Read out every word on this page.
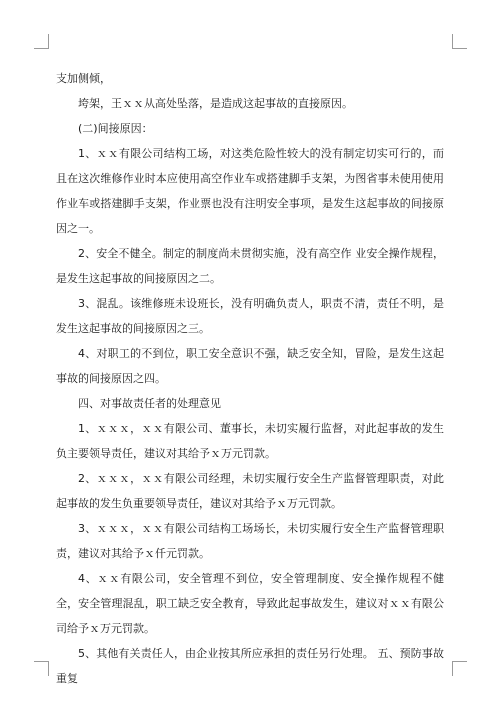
支加侧倾，

垮架，王ｘｘ从高处坠落，是造成这起事故的直接原因。

(二)间接原因：

1、ｘｘ有限公司结构工场，对这类危险性较大的没有制定切实可行的，而且在这次维修作业时本应使用高空作业车或搭建脚手支架，为图省事未使用使用作业车或搭建脚手支架，作业票也没有注明安全事项，是发生这起事故的间接原因之一。

2、安全不健全。制定的制度尚未贯彻实施，没有高空作 业安全操作规程，是发生这起事故的间接原因之二。

3、混乱。该维修班未设班长，没有明确负责人，职责不清，责任不明，是发生这起事故的间接原因之三。

4、对职工的不到位，职工安全意识不强，缺乏安全知，冒险，是发生这起事故的间接原因之四。

四、对事故责任者的处理意见

1、ｘｘｘ，ｘｘ有限公司、董事长，未切实履行监督，对此起事故的发生负主要领导责任，建议对其给予ｘ万元罚款。

2、ｘｘｘ，ｘｘ有限公司经理，未切实履行安全生产监督管理职责，对此起事故的发生负重要领导责任，建议对其给予ｘ万元罚款。

3、ｘｘｘ，ｘｘ有限公司结构工场场长，未切实履行安全生产监督管理职责，建议对其给予ｘ仟元罚款。

4、ｘｘ有限公司，安全管理不到位，安全管理制度、安全操作规程不健全，安全管理混乱，职工缺乏安全教育，导致此起事故发生，建议对ｘｘ有限公司给予ｘ万元罚款。

5、其他有关责任人，由企业按其所应承担的责任另行处理。 五、预防事故重复
